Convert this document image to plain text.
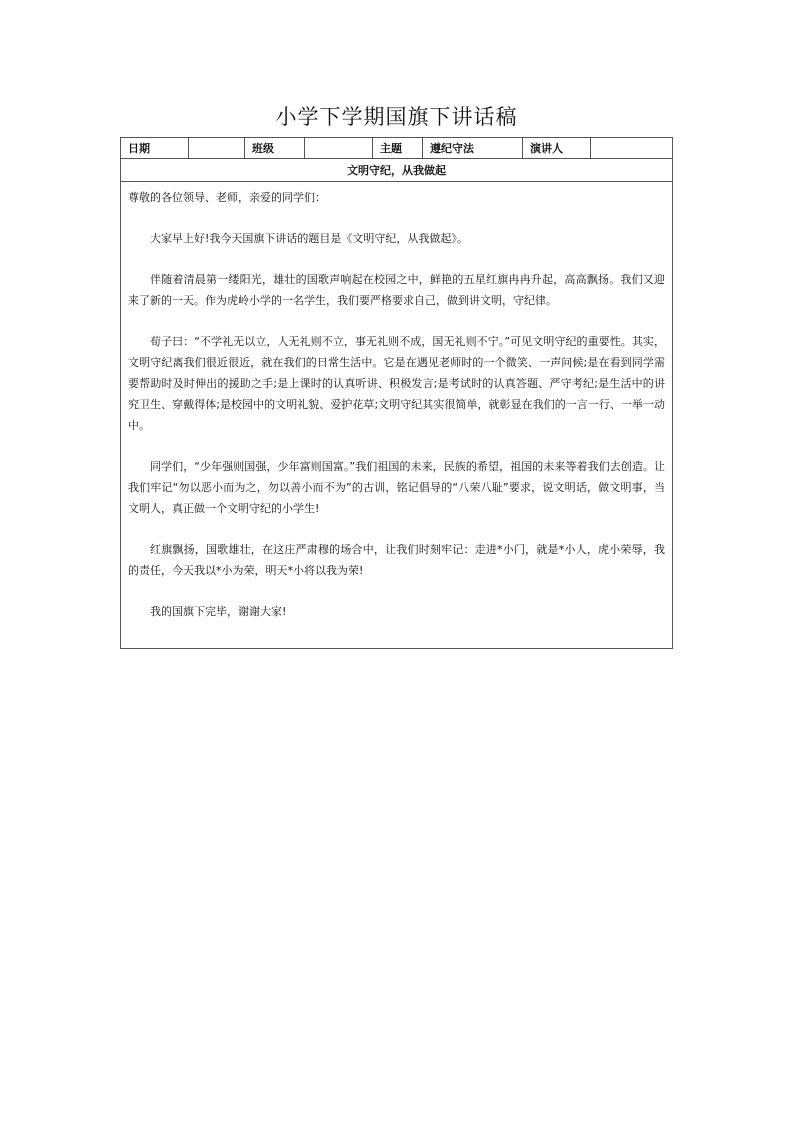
小学下学期国旗下讲话稿
日期		班级		主题	遵纪守法	演讲人	
文明守纪，从我做起

尊敬的各位领导、老师，亲爱的同学们：

大家早上好!我今天国旗下讲话的题目是《文明守纪，从我做起》。

伴随着清晨第一缕阳光，雄壮的国歌声响起在校园之中，鲜艳的五星红旗冉冉升起，高高飘扬。我们又迎来了新的一天。作为虎岭小学的一名学生，我们要严格要求自己，做到讲文明，守纪律。

荀子曰：“不学礼无以立，人无礼则不立，事无礼则不成，国无礼则不宁。”可见文明守纪的重要性。其实，文明守纪离我们很近很近，就在我们的日常生活中。它是在遇见老师时的一个微笑、一声问候;是在看到同学需要帮助时及时伸出的援助之手;是上课时的认真听讲、积极发言;是考试时的认真答题、严守考纪;是生活中的讲究卫生、穿戴得体;是校园中的文明礼貌、爱护花草;文明守纪其实很简单，就彰显在我们的一言一行、一举一动中。

同学们，“少年强则国强，少年富则国富。”我们祖国的未来，民族的希望，祖国的未来等着我们去创造。让我们牢记“勿以恶小而为之，勿以善小而不为”的古训，铭记倡导的“八荣八耻”要求，说文明话，做文明事，当文明人，真正做一个文明守纪的小学生!

红旗飘扬，国歌雄壮，在这庄严肃穆的场合中，让我们时刻牢记：走进*小门，就是*小人，虎小荣辱，我的责任，今天我以*小为荣，明天*小将以我为荣!

我的国旗下完毕，谢谢大家!
